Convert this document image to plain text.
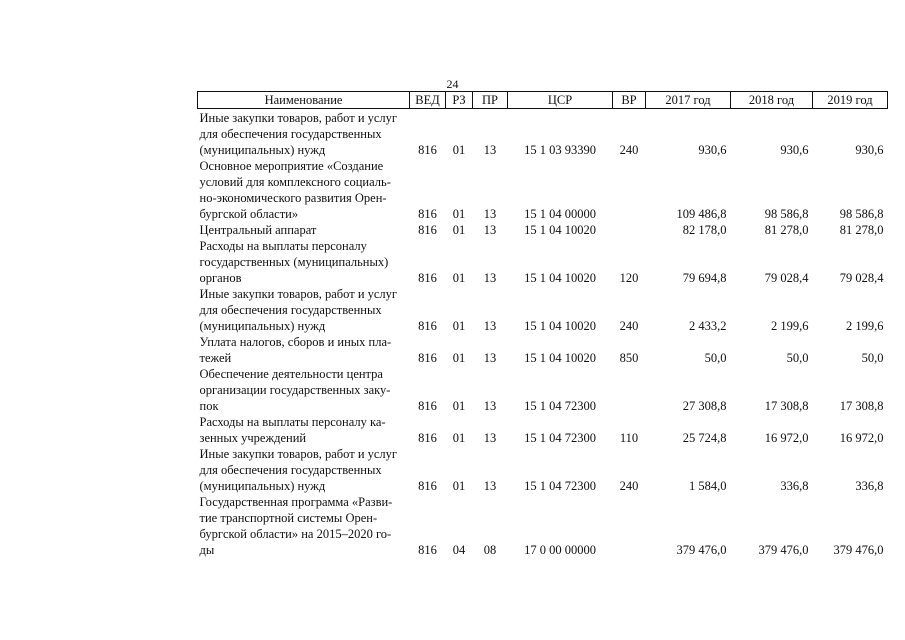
24
Наименование	ВЕД	РЗ	ПР	ЦСР	ВР	2017 год	2018 год	2019 год

Иные закупки товаров, работ и услуг
для обеспечения государственных
(муниципальных) нужд	816	01	13	15 1 03 93390	240	930,6	930,6	930,6

Основное мероприятие «Создание
условий для комплексного социаль-
но-экономического развития Орен-
бургской области»	816	01	13	15 1 04 00000		109 486,8	98 586,8	98 586,8

Центральный аппарат	816	01	13	15 1 04 10020		82 178,0	81 278,0	81 278,0

Расходы на выплаты персоналу
государственных (муниципальных)
органов	816	01	13	15 1 04 10020	120	79 694,8	79 028,4	79 028,4

Иные закупки товаров, работ и услуг
для обеспечения государственных
(муниципальных) нужд	816	01	13	15 1 04 10020	240	2 433,2	2 199,6	2 199,6

Уплата налогов, сборов и иных пла-
тежей	816	01	13	15 1 04 10020	850	50,0	50,0	50,0

Обеспечение деятельности центра
организации государственных заку-
пок	816	01	13	15 1 04 72300		27 308,8	17 308,8	17 308,8

Расходы на выплаты персоналу ка-
зенных учреждений	816	01	13	15 1 04 72300	110	25 724,8	16 972,0	16 972,0

Иные закупки товаров, работ и услуг
для обеспечения государственных
(муниципальных) нужд	816	01	13	15 1 04 72300	240	1 584,0	336,8	336,8

Государственная программа «Разви-
тие транспортной системы Орен-
бургской области» на 2015–2020 го-
ды	816	04	08	17 0 00 00000		379 476,0	379 476,0	379 476,0
